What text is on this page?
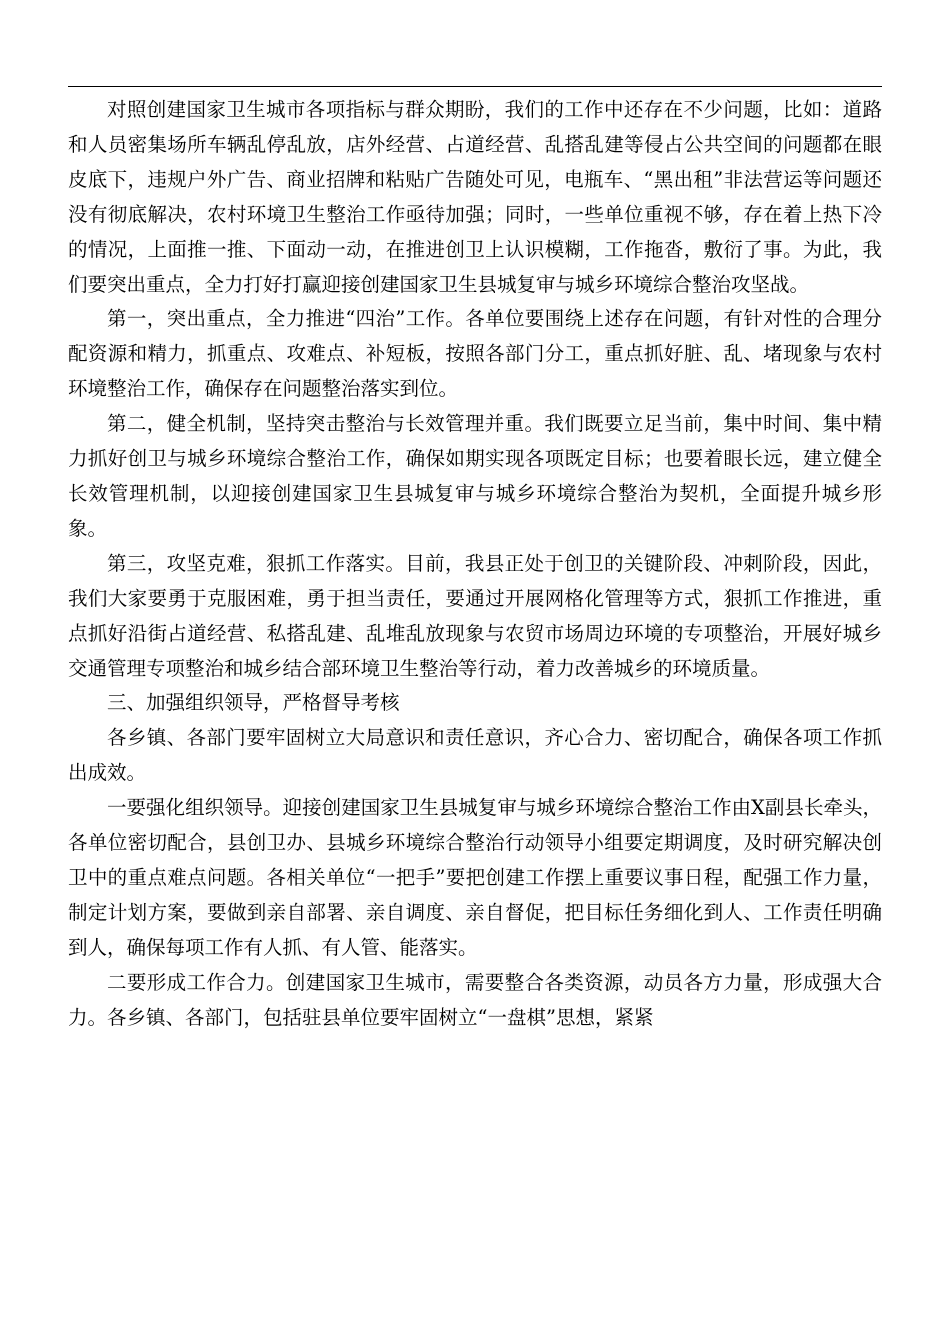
对照创建国家卫生城市各项指标与群众期盼，我们的工作中还存在不少问题，比如：道路和人员密集场所车辆乱停乱放，店外经营、占道经营、乱搭乱建等侵占公共空间的问题都在眼皮底下，违规户外广告、商业招牌和粘贴广告随处可见，电瓶车、“黑出租”非法营运等问题还没有彻底解决，农村环境卫生整治工作亟待加强；同时，一些单位重视不够，存在着上热下冷的情况，上面推一推、下面动一动，在推进创卫上认识模糊，工作拖沓，敷衍了事。为此，我们要突出重点，全力打好打赢迎接创建国家卫生县城复审与城乡环境综合整治攻坚战。

第一，突出重点，全力推进“四治”工作。各单位要围绕上述存在问题，有针对性的合理分配资源和精力，抓重点、攻难点、补短板，按照各部门分工，重点抓好脏、乱、堵现象与农村环境整治工作，确保存在问题整治落实到位。

第二，健全机制，坚持突击整治与长效管理并重。我们既要立足当前，集中时间、集中精力抓好创卫与城乡环境综合整治工作，确保如期实现各项既定目标；也要着眼长远，建立健全长效管理机制，以迎接创建国家卫生县城复审与城乡环境综合整治为契机，全面提升城乡形象。

第三，攻坚克难，狠抓工作落实。目前，我县正处于创卫的关键阶段、冲刺阶段，因此，我们大家要勇于克服困难，勇于担当责任，要通过开展网格化管理等方式，狠抓工作推进，重点抓好沿街占道经营、私搭乱建、乱堆乱放现象与农贸市场周边环境的专项整治，开展好城乡交通管理专项整治和城乡结合部环境卫生整治等行动，着力改善城乡的环境质量。

三、加强组织领导，严格督导考核

各乡镇、各部门要牢固树立大局意识和责任意识，齐心合力、密切配合，确保各项工作抓出成效。

一要强化组织领导。迎接创建国家卫生县城复审与城乡环境综合整治工作由X副县长牵头，各单位密切配合，县创卫办、县城乡环境综合整治行动领导小组要定期调度，及时研究解决创卫中的重点难点问题。各相关单位“一把手”要把创建工作摆上重要议事日程，配强工作力量，制定计划方案，要做到亲自部署、亲自调度、亲自督促，把目标任务细化到人、工作责任明确到人，确保每项工作有人抓、有人管、能落实。

二要形成工作合力。创建国家卫生城市，需要整合各类资源，动员各方力量，形成强大合力。各乡镇、各部门，包括驻县单位要牢固树立“一盘棋”思想，紧紧
